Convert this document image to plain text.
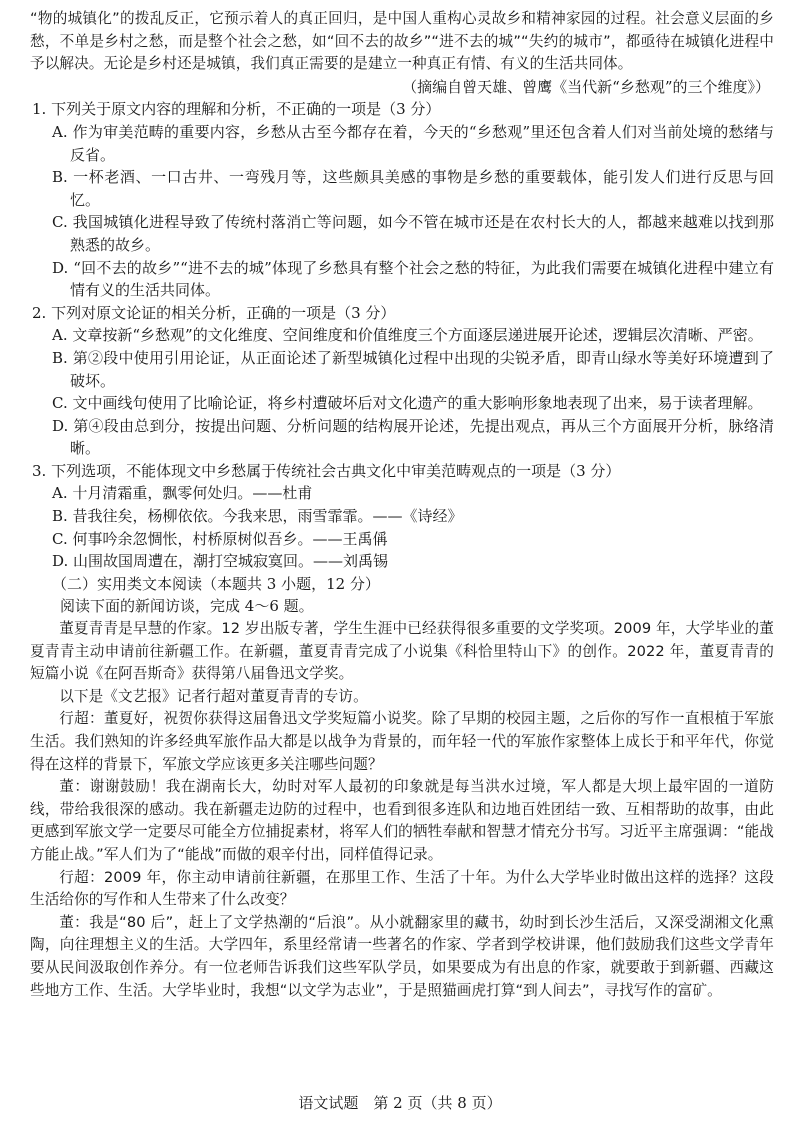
“物的城镇化”的拨乱反正，它预示着人的真正回归，是中国人重构心灵故乡和精神家园的过程。社会意义层面的乡愁，不单是乡村之愁，而是整个社会之愁，如“回不去的故乡”“进不去的城”“失约的城市”，都亟待在城镇化进程中予以解决。无论是乡村还是城镇，我们真正需要的是建立一种真正有情、有义的生活共同体。

（摘编自曾天雄、曾鹰《当代新“乡愁观”的三个维度》）

1. 下列关于原文内容的理解和分析，不正确的一项是（3 分）

A. 作为审美范畴的重要内容，乡愁从古至今都存在着，今天的“乡愁观”里还包含着人们对当前处境的愁绪与反省。

B. 一杯老酒、一口古井、一弯残月等，这些颇具美感的事物是乡愁的重要载体，能引发人们进行反思与回忆。

C. 我国城镇化进程导致了传统村落消亡等问题，如今不管在城市还是在农村长大的人，都越来越难以找到那熟悉的故乡。

D. “回不去的故乡”“进不去的城”体现了乡愁具有整个社会之愁的特征，为此我们需要在城镇化进程中建立有情有义的生活共同体。

2. 下列对原文论证的相关分析，正确的一项是（3 分）

A. 文章按新“乡愁观”的文化维度、空间维度和价值维度三个方面逐层递进展开论述，逻辑层次清晰、严密。

B. 第②段中使用引用论证，从正面论述了新型城镇化过程中出现的尖锐矛盾，即青山绿水等美好环境遭到了破坏。

C. 文中画线句使用了比喻论证，将乡村遭破坏后对文化遗产的重大影响形象地表现了出来，易于读者理解。

D. 第④段由总到分，按提出问题、分析问题的结构展开论述，先提出观点，再从三个方面展开分析，脉络清晰。

3. 下列选项，不能体现文中乡愁属于传统社会古典文化中审美范畴观点的一项是（3 分）

A. 十月清霜重，飘零何处归。——杜甫

B. 昔我往矣，杨柳依依。今我来思，雨雪霏霏。——《诗经》

C. 何事吟余忽惆怅，村桥原树似吾乡。——王禹偁

D. 山围故国周遭在，潮打空城寂寞回。——刘禹锡

（二）实用类文本阅读（本题共 3 小题，12 分）

阅读下面的新闻访谈，完成 4～6 题。

董夏青青是早慧的作家。12 岁出版专著，学生生涯中已经获得很多重要的文学奖项。2009 年，大学毕业的董夏青青主动申请前往新疆工作。在新疆，董夏青青完成了小说集《科恰里特山下》的创作。2022 年，董夏青青的短篇小说《在阿吾斯奇》获得第八届鲁迅文学奖。

以下是《文艺报》记者行超对董夏青青的专访。

行超：董夏好，祝贺你获得这届鲁迅文学奖短篇小说奖。除了早期的校园主题，之后你的写作一直根植于军旅生活。我们熟知的许多经典军旅作品大都是以战争为背景的，而年轻一代的军旅作家整体上成长于和平年代，你觉得在这样的背景下，军旅文学应该更多关注哪些问题？

董：谢谢鼓励！我在湖南长大，幼时对军人最初的印象就是每当洪水过境，军人都是大坝上最牢固的一道防线，带给我很深的感动。我在新疆走边防的过程中，也看到很多连队和边地百姓团结一致、互相帮助的故事，由此更感到军旅文学一定要尽可能全方位捕捉素材，将军人们的牺牲奉献和智慧才情充分书写。习近平主席强调：“能战方能止战。”军人们为了“能战”而做的艰辛付出，同样值得记录。

行超：2009 年，你主动申请前往新疆，在那里工作、生活了十年。为什么大学毕业时做出这样的选择？这段生活给你的写作和人生带来了什么改变？

董：我是“80 后”，赶上了文学热潮的“后浪”。从小就翻家里的藏书，幼时到长沙生活后，又深受湖湘文化熏陶，向往理想主义的生活。大学四年，系里经常请一些著名的作家、学者到学校讲课，他们鼓励我们这些文学青年要从民间汲取创作养分。有一位老师告诉我们这些军队学员，如果要成为有出息的作家，就要敢于到新疆、西藏这些地方工作、生活。大学毕业时，我想“以文学为志业”，于是照猫画虎打算“到人间去”，寻找写作的富矿。

语文试题　第 2 页（共 8 页）
